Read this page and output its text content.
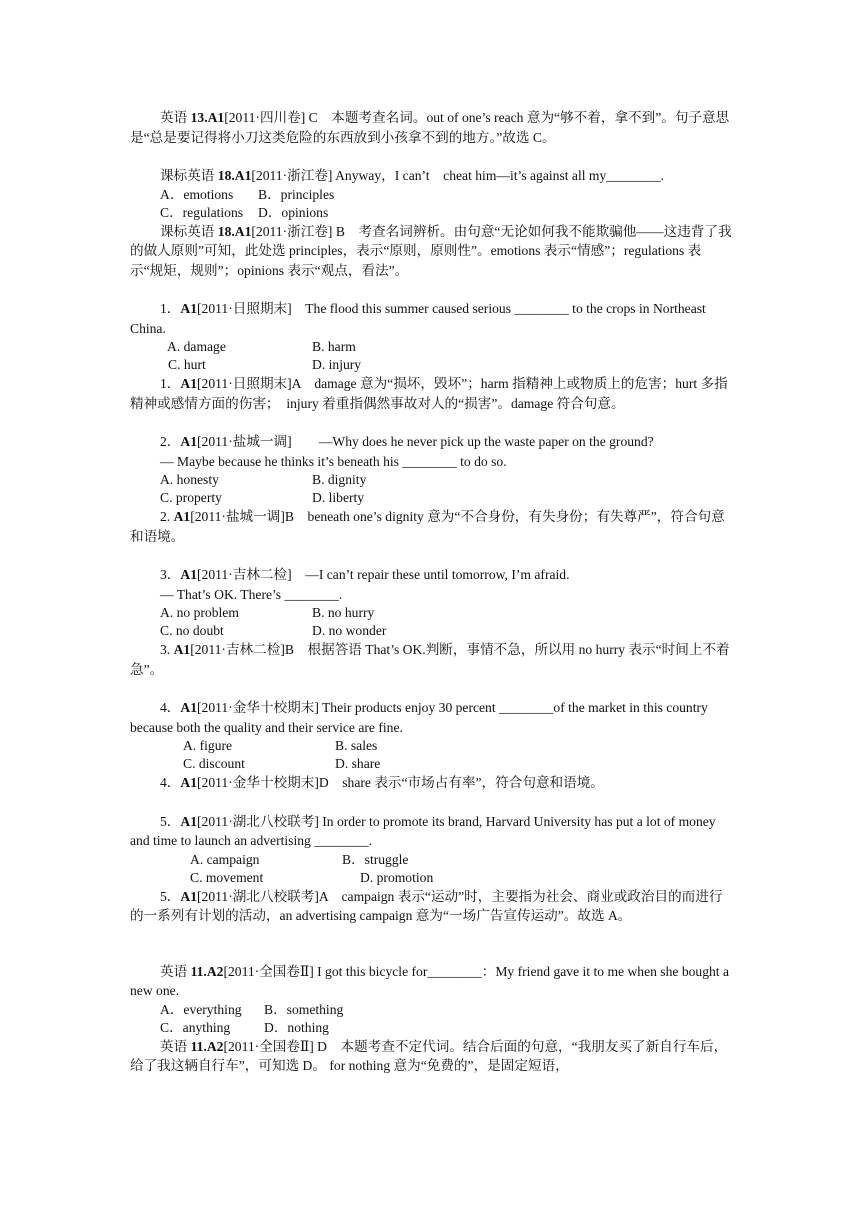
英语 13.A1[2011·四川卷] C　本题考查名词。out of one’s reach 意为“够不着，拿不到”。句子意思是“总是要记得将小刀这类危险的东西放到小孩拿不到的地方。”故选 C。

课标英语 18.A1[2011·浙江卷] Anyway，I can’t　cheat him—it’s against all my________.

A．emotions	B．principles
C．regulations	D．opinions

课标英语 18.A1[2011·浙江卷] B　考查名词辨析。由句意“无论如何我不能欺骗他——这违背了我的做人原则”可知，此处选 principles，表示“原则，原则性”。emotions 表示“情感”；regulations 表示“规矩，规则”；opinions 表示“观点，看法”。

1．A1[2011·日照期末]　The flood this summer caused serious ________ to the crops in Northeast China.

A. damage	B. harm
C. hurt	D. injury

1．A1[2011·日照期末]A　damage 意为“损坏，毁坏”；harm 指精神上或物质上的危害；hurt 多指精神或感情方面的伤害；　injury 着重指偶然事故对人的“损害”。damage 符合句意。

2．A1[2011·盐城一调]　　—Why does he never pick up the waste paper on the ground?

— Maybe because he thinks it’s beneath his ________ to do so.

A. honesty	B. dignity
C. property	D. liberty

2. A1[2011·盐城一调]B　beneath one’s dignity 意为“不合身份，有失身份；有失尊严”，符合句意和语境。

3．A1[2011·吉林二检]　—I can’t repair these until tomorrow, I’m afraid.

— That’s OK. There’s ________.

A. no problem	B. no hurry
C. no doubt	D. no wonder

3. A1[2011·吉林二检]B　根据答语 That’s OK.判断，事情不急，所以用 no hurry 表示“时间上不着急”。

4．A1[2011·金华十校期末] Their products enjoy 30 percent ________of the market in this country because both the quality and their service are fine.

A. figure	B. sales
C. discount	D. share

4．A1[2011·金华十校期末]D　share 表示“市场占有率”，符合句意和语境。

5．A1[2011·湖北八校联考] In order to promote its brand, Harvard University has put a lot of money and time to launch an advertising ________.

A. campaign	B．struggle
C. movement	D. promotion

5．A1[2011·湖北八校联考]A　campaign 表示“运动”时，主要指为社会、商业或政治目的而进行的一系列有计划的活动，an advertising campaign 意为“一场广告宣传运动”。故选 A。

英语 11.A2[2011·全国卷Ⅱ] I got this bicycle for________：My friend gave it to me when she bought a new one.

A．everything	B．something
C．anything	D．nothing

英语 11.A2[2011·全国卷Ⅱ] D　本题考查不定代词。结合后面的句意，“我朋友买了新自行车后，给了我这辆自行车”，可知选 D。 for nothing 意为“免费的”，是固定短语，
